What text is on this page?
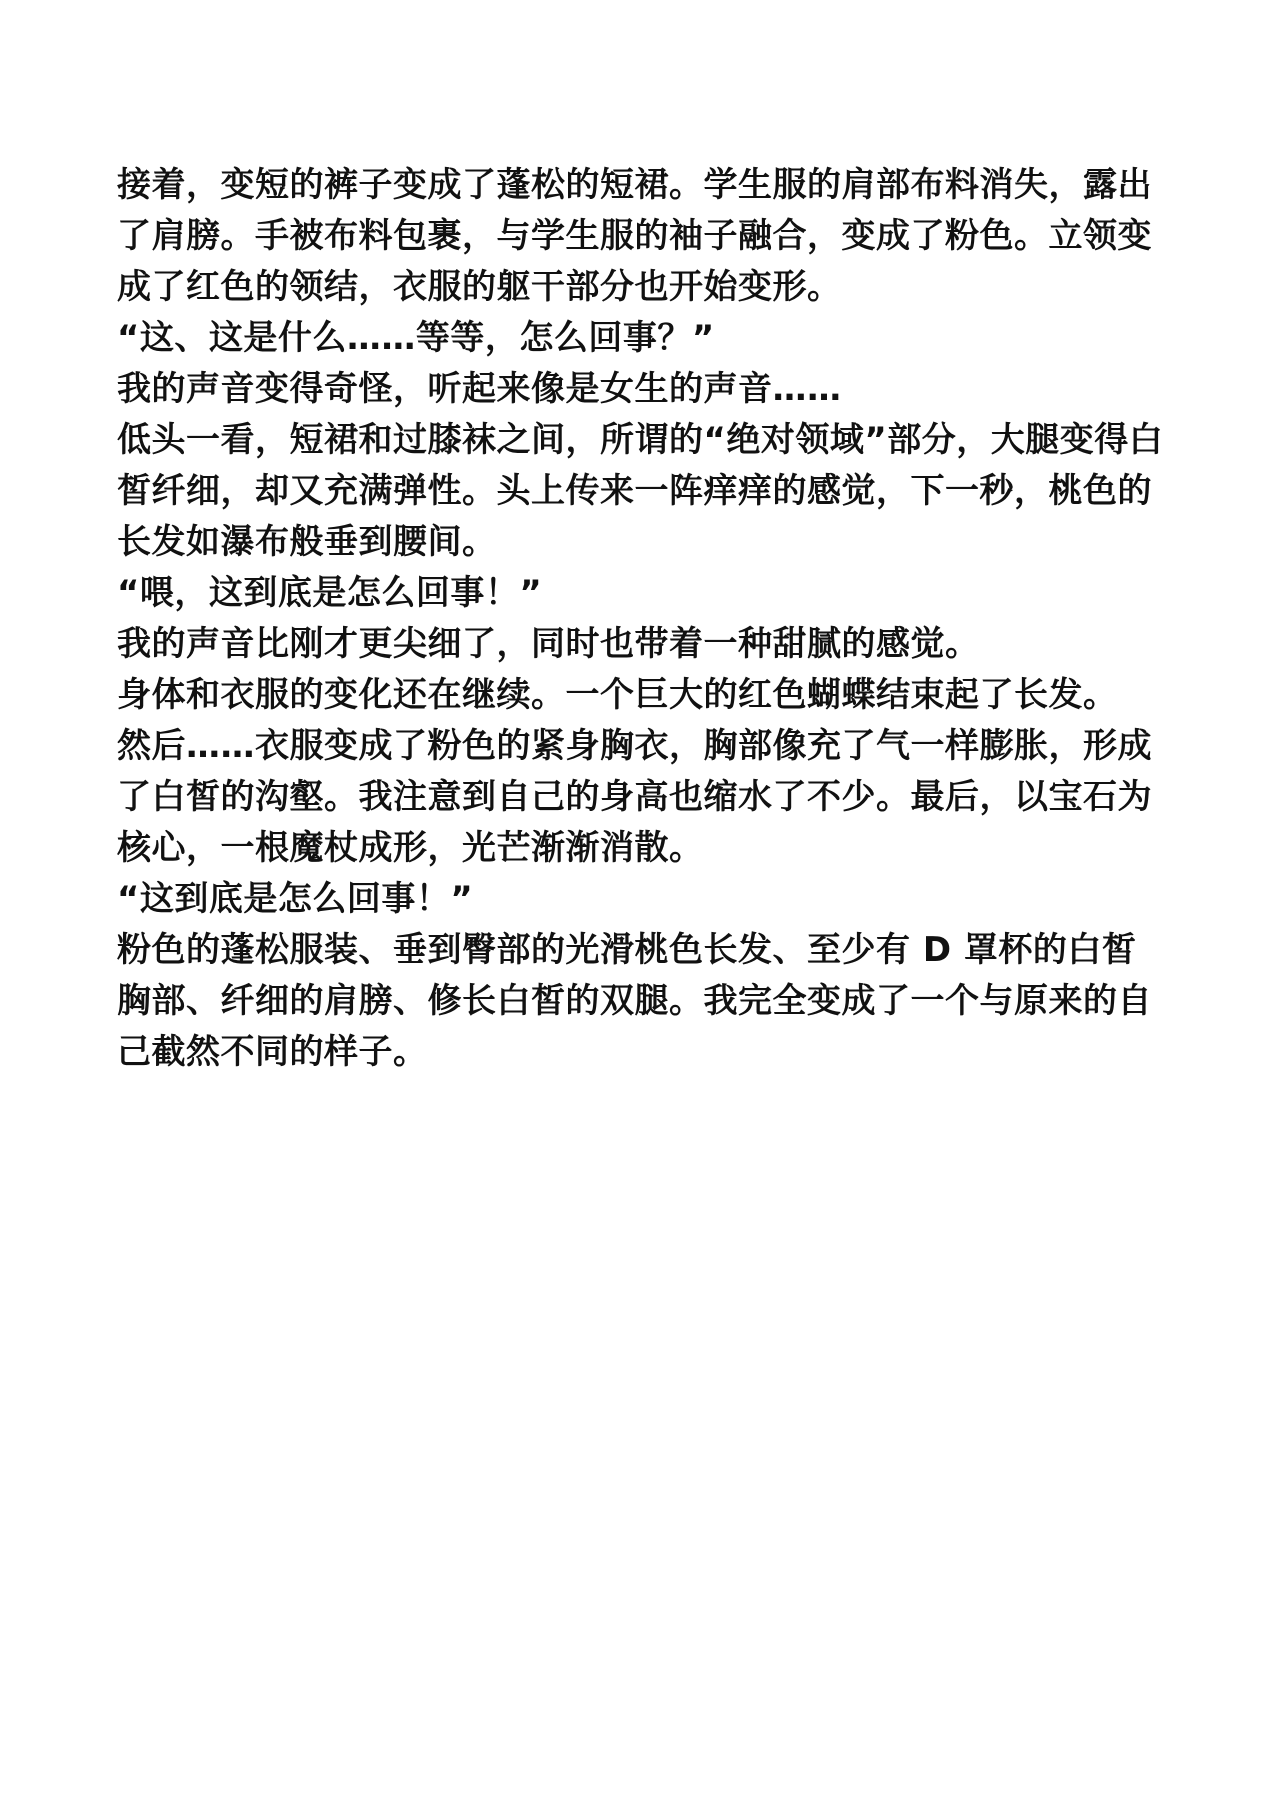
接着，变短的裤子变成了蓬松的短裙。学生服的肩部布料消失，露出了肩膀。手被布料包裹，与学生服的袖子融合，变成了粉色。立领变成了红色的领结，衣服的躯干部分也开始变形。

“这、这是什么……等等，怎么回事？”

我的声音变得奇怪，听起来像是女生的声音……

低头一看，短裙和过膝袜之间，所谓的“绝对领域”部分，大腿变得白皙纤细，却又充满弹性。头上传来一阵痒痒的感觉，下一秒，桃色的长发如瀑布般垂到腰间。

“喂，这到底是怎么回事！”

我的声音比刚才更尖细了，同时也带着一种甜腻的感觉。

身体和衣服的变化还在继续。一个巨大的红色蝴蝶结束起了长发。

然后……衣服变成了粉色的紧身胸衣，胸部像充了气一样膨胀，形成了白皙的沟壑。我注意到自己的身高也缩水了不少。最后，以宝石为核心，一根魔杖成形，光芒渐渐消散。

“这到底是怎么回事！”

粉色的蓬松服装、垂到臀部的光滑桃色长发、至少有 D 罩杯的白皙胸部、纤细的肩膀、修长白皙的双腿。我完全变成了一个与原来的自己截然不同的样子。
